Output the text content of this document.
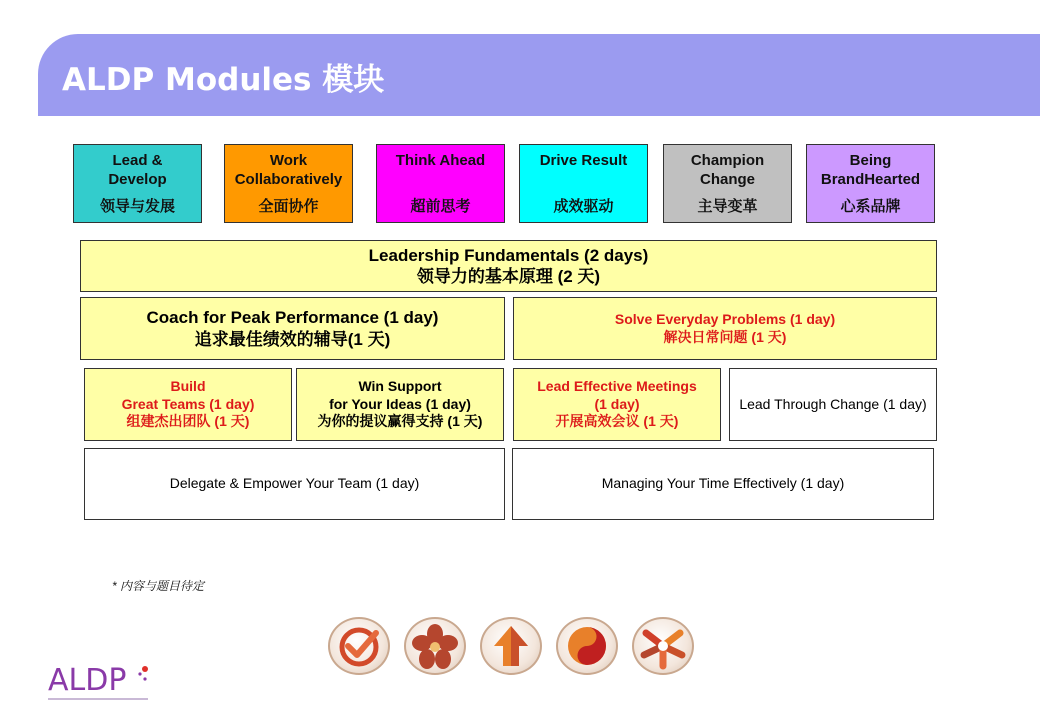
ALDP Modules 模块
Lead &
Develop
领导与发展
Work
Collaboratively
全面协作
Think Ahead
超前思考
Drive Result
成效驱动
Champion
Change
主导变革
Being
BrandHearted
心系品牌
Leadership Fundamentals (2 days)
领导力的基本原理 (2 天)
Coach for Peak Performance (1 day)
追求最佳绩效的辅导(1 天)
Solve Everyday Problems (1 day)
解决日常问题 (1 天)
Build
Great Teams (1 day)
组建杰出团队 (1 天)
Win Support
for Your Ideas (1 day)
为你的提议赢得支持 (1 天)
Lead Effective Meetings
(1 day)
开展高效会议 (1 天)
Lead Through Change (1 day)
Delegate & Empower Your Team (1 day)	Managing Your Time Effectively (1 day)

* 内容与题目待定

ALDP
